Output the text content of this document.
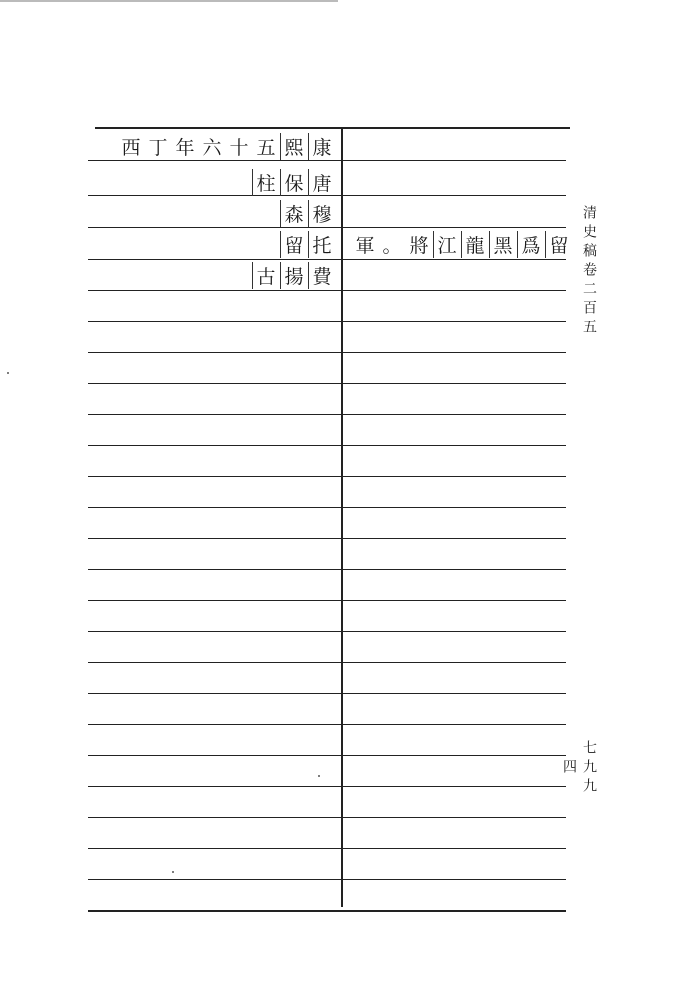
西 丁 年 六 十 五 熙 康
柱 保 唐
森 穆
留 托 軍 。 將 江 龍 黑 爲 留
古 揚 費	清史稿卷二百五
七九九四
